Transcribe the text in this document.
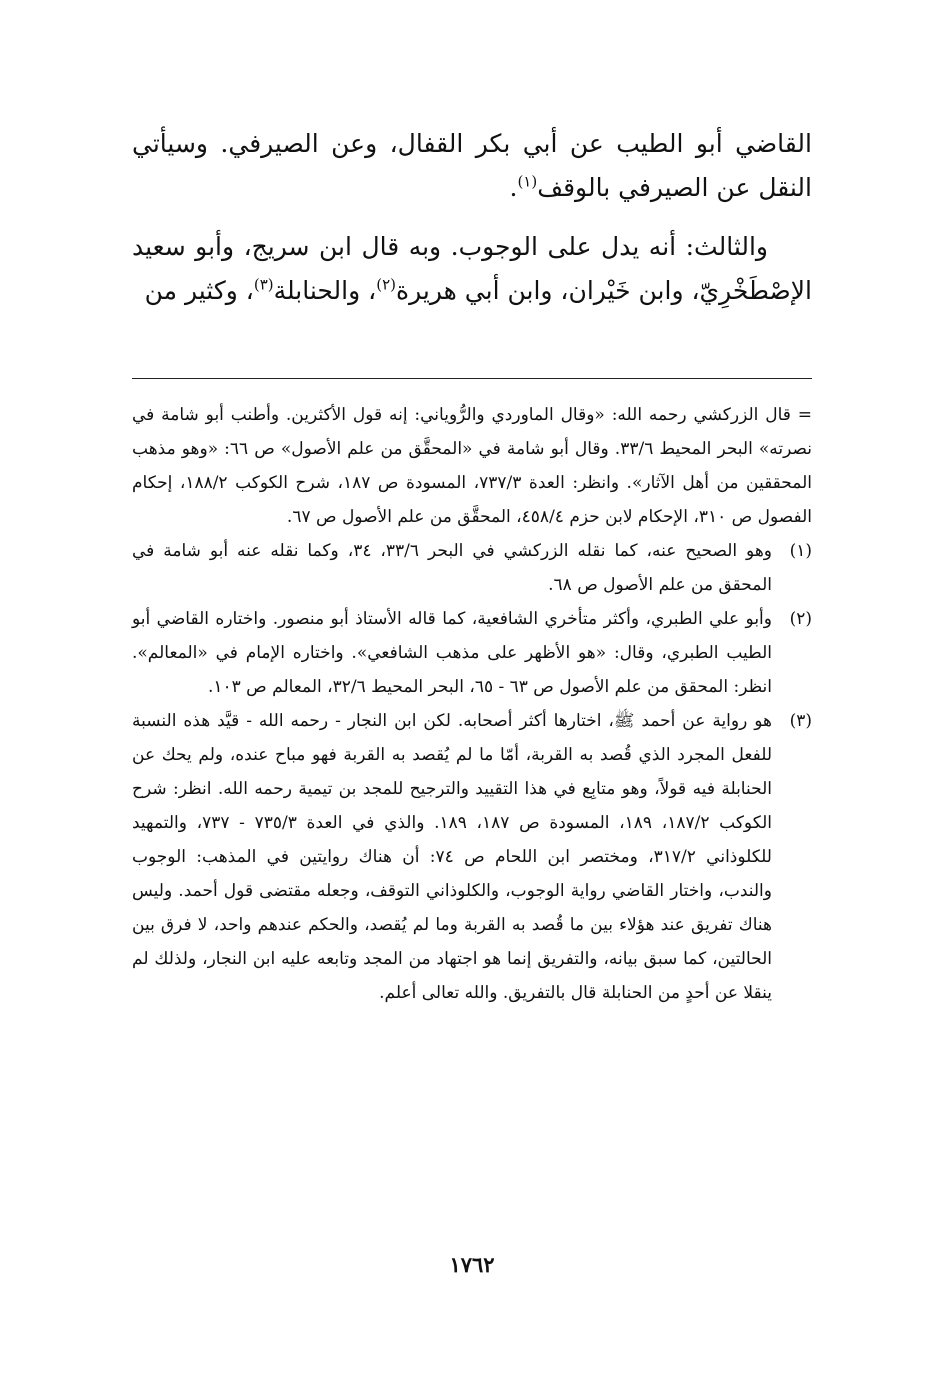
القاضي أبو الطيب عن أبي بكر القفال، وعن الصيرفي. وسيأتي النقل عن الصيرفي بالوقف$^{(١)}$.

والثالث: أنه يدل على الوجوب. وبه قال ابن سريج، وأبو سعيد الإصْطَخْرِيّ، وابن خَيْران، وابن أبي هريرة$^{(٢)}$، والحنابلة$^{(٣)}$، وكثير من

= قال الزركشي رحمه الله: «وقال الماوردي والرُّوياني: إنه قول الأكثرين. وأطنب أبو شامة في نصرته» البحر المحيط ٣٣/٦. وقال أبو شامة في «المحقَّق من علم الأصول» ص ٦٦: «وهو مذهب المحققين من أهل الآثار». وانظر: العدة ٧٣٧/٣، المسودة ص ١٨٧، شرح الكوكب ١٨٨/٢، إحكام الفصول ص ٣١٠، الإحكام لابن حزم ٤٥٨/٤، المحقَّق من علم الأصول ص ٦٧.

(١)
وهو الصحيح عنه، كما نقله الزركشي في البحر ٣٣/٦، ٣٤، وكما نقله عنه أبو شامة في المحقق من علم الأصول ص ٦٨.
(٢)
وأبو علي الطبري، وأكثر متأخري الشافعية، كما قاله الأستاذ أبو منصور. واختاره القاضي أبو الطيب الطبري، وقال: «هو الأظهر على مذهب الشافعي». واختاره الإمام في «المعالم». انظر: المحقق من علم الأصول ص ٦٣ - ٦٥، البحر المحيط ٣٢/٦، المعالم ص ١٠٣.
(٣)
هو رواية عن أحمد ﷺ، اختارها أكثر أصحابه. لكن ابن النجار - رحمه الله - قيَّد هذه النسبة للفعل المجرد الذي قُصد به القربة، أمّا ما لم يُقصد به القربة فهو مباح عنده، ولم يحك عن الحنابلة فيه قولاً، وهو متابِع في هذا التقييد والترجيح للمجد بن تيمية رحمه الله. انظر: شرح الكوكب ١٨٧/٢، ١٨٩، المسودة ص ١٨٧، ١٨٩. والذي في العدة ٧٣٥/٣ - ٧٣٧، والتمهيد للكلوذاني ٣١٧/٢، ومختصر ابن اللحام ص ٧٤: أن هناك روايتين في المذهب: الوجوب والندب، واختار القاضي رواية الوجوب، والكلوذاني التوقف، وجعله مقتضى قول أحمد. وليس هناك تفريق عند هؤلاء بين ما قُصد به القربة وما لم يُقصد، والحكم عندهم واحد، لا فرق بين الحالتين، كما سبق بيانه، والتفريق إنما هو اجتهاد من المجد وتابعه عليه ابن النجار، ولذلك لم ينقلا عن أحدٍ من الحنابلة قال بالتفريق. والله تعالى أعلم.
١٧٦٢
